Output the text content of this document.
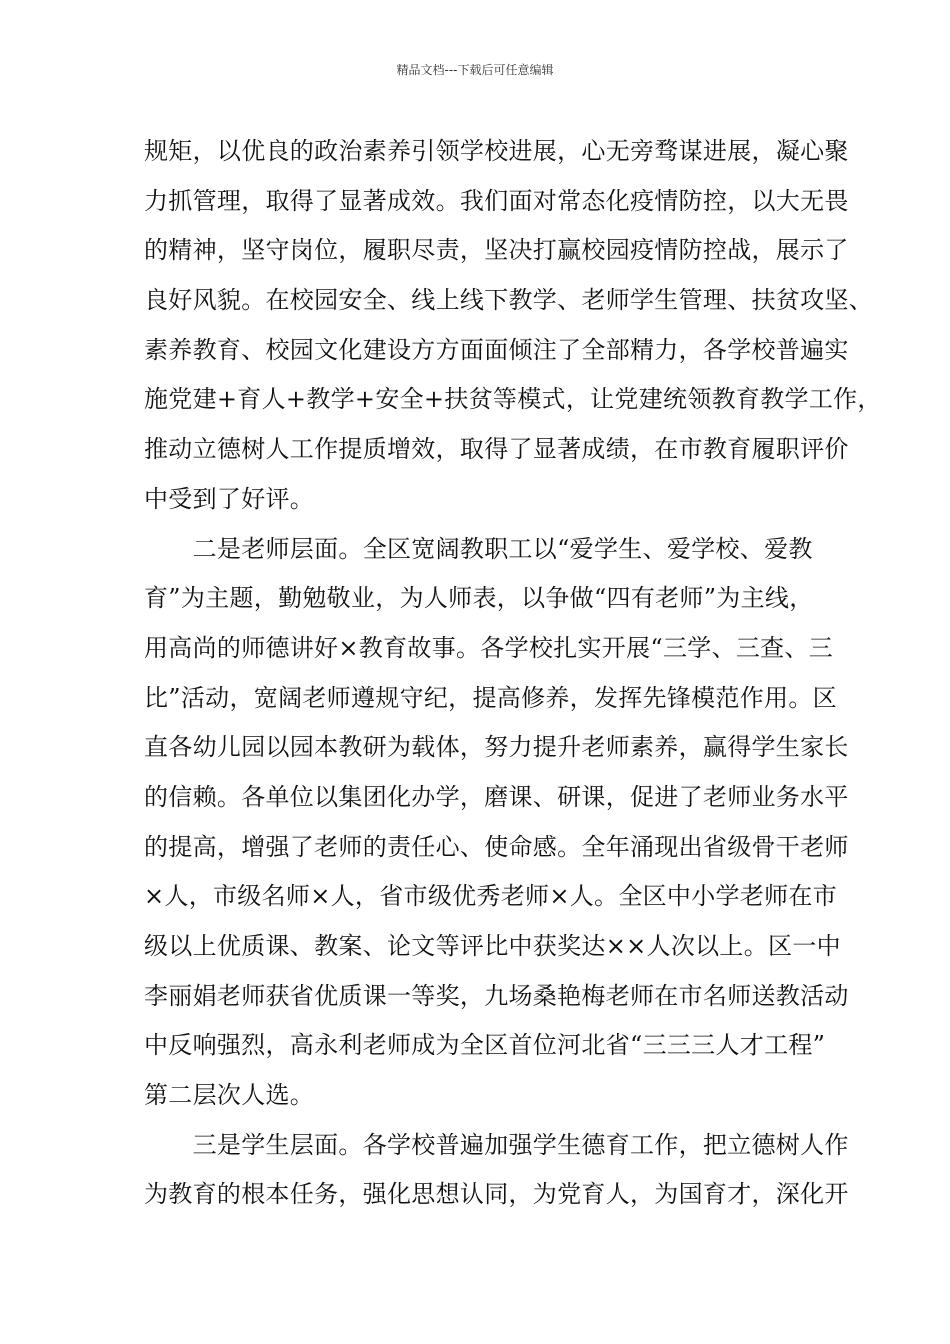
精品文档---下载后可任意编辑
规矩，以优良的政治素养引领学校进展，心无旁骛谋进展，凝心聚
力抓管理，取得了显著成效。我们面对常态化疫情防控，以大无畏
的精神，坚守岗位，履职尽责，坚决打赢校园疫情防控战，展示了
良好风貌。在校园安全、线上线下教学、老师学生管理、扶贫攻坚、
素养教育、校园文化建设方方面面倾注了全部精力，各学校普遍实
施党建+育人+教学+安全+扶贫等模式，让党建统领教育教学工作，
推动立德树人工作提质增效，取得了显著成绩，在市教育履职评价
中受到了好评。
　　二是老师层面。全区宽阔教职工以“爱学生、爱学校、爱教
育”为主题，勤勉敬业，为人师表，以争做“四有老师”为主线，
用高尚的师德讲好×教育故事。各学校扎实开展“三学、三查、三
比”活动，宽阔老师遵规守纪，提高修养，发挥先锋模范作用。区
直各幼儿园以园本教研为载体，努力提升老师素养，赢得学生家长
的信赖。各单位以集团化办学，磨课、研课，促进了老师业务水平
的提高，增强了老师的责任心、使命感。全年涌现出省级骨干老师
×人，市级名师×人，省市级优秀老师×人。全区中小学老师在市
级以上优质课、教案、论文等评比中获奖达××人次以上。区一中
李丽娟老师获省优质课一等奖，九场桑艳梅老师在市名师送教活动
中反响强烈，高永利老师成为全区首位河北省“三三三人才工程”
第二层次人选。
　　三是学生层面。各学校普遍加强学生德育工作，把立德树人作
为教育的根本任务，强化思想认同，为党育人，为国育才，深化开
